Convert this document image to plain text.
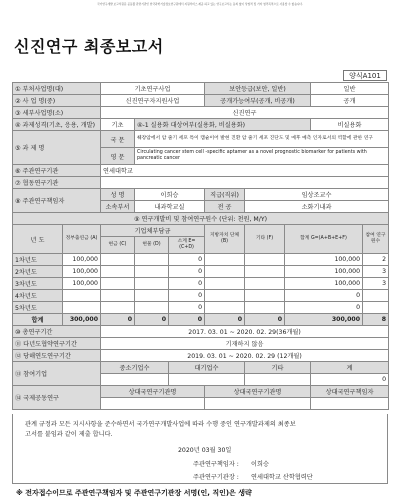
국가연구개발 보고서원문 공동활 관련기관인 한국과학기술정보연구원에서 지원서비스 제공 하고 있는 연구보고서는 동의 없이 상업적 및 기타 영리목적으로 사용할 수 없습니다.
신진연구 최종보고서
양식A101
① 부처사업명(대)		기초연구사업			보안등급(보안, 일반)			일반	
② 사 업 명(중)		신진연구자지원사업			공개가능여부(공개, 비공개)			공개	
③ 세부사업명(소)		신진연구							
④ 과제성격(기초, 응용, 개발)		기초	④-1 실용화 대상여부(실용화, 비실용화)					비실용화	
⑤ 과 제 명		국 문	췌장암에서 암 줄기 세포 특이 캡슐이어 발현 진환 암 줄기 세포 진단도 및 예후 예측 인자로서의 역할에 관한 연구						
		영 문	Circulating cancer stem cell -specific aptamer as a novel prognostic biomarker for patients with pancreatic cancer						
⑥ 주관연구기관		연세대학교							
⑦ 협동연구기관									
⑧ 주관연구책임자		성 명	이희승		직급(직위)	임상조교수			
		소속부서	내과학교실		전 공	소화기내과			
⑨ 연구개발비 및 참여연구원수 (단위: 천원, M/Y)									
년 도	정부출연금 (A)	기업체부담금			지방자치 단체 (B)	기타 (F)	합계 G=(A+B+E+F)		참여 연구원수
		현금 (C)	현물 (D)	소계 E=(C+D)					
1차년도	100,000			0			100,000		2
2차년도	100,000			0			100,000		3
3차년도	100,000			0			100,000		3
4차년도				0			0		
5차년도				0			0		
합계	300,000	0	0	0	0	0	300,000		8
⑩ 총연구기간		2017. 03. 01 ~ 2020. 02. 29(36개월)							
⑪ 다년도협약연구기간		기재하지 않음							
⑫ 당해연도연구기간		2019. 03. 01 ~ 2020. 02. 29 (12개월)							
⑬ 참여기업		중소기업수		대기업수		기타		계	
								0	
⑭ 국제공동연구		상대국연구기관명			상대국연구기관명			상대국연구책임자	

관계 규정과 모든 지시사항을 준수하면서 국가연구개발사업에 따라 수행 중인 연구개발과제의 최종보

고서를 붙임과 같이 제출 합니다.

2020년 03월 30일

주관연구책임자 : 이희승

주관연구기관장 : 연세대학교 산학협력단

※ 전자접수이므로 주관연구책임자 및 주관연구기관장 서명(인, 직인)은 생략
